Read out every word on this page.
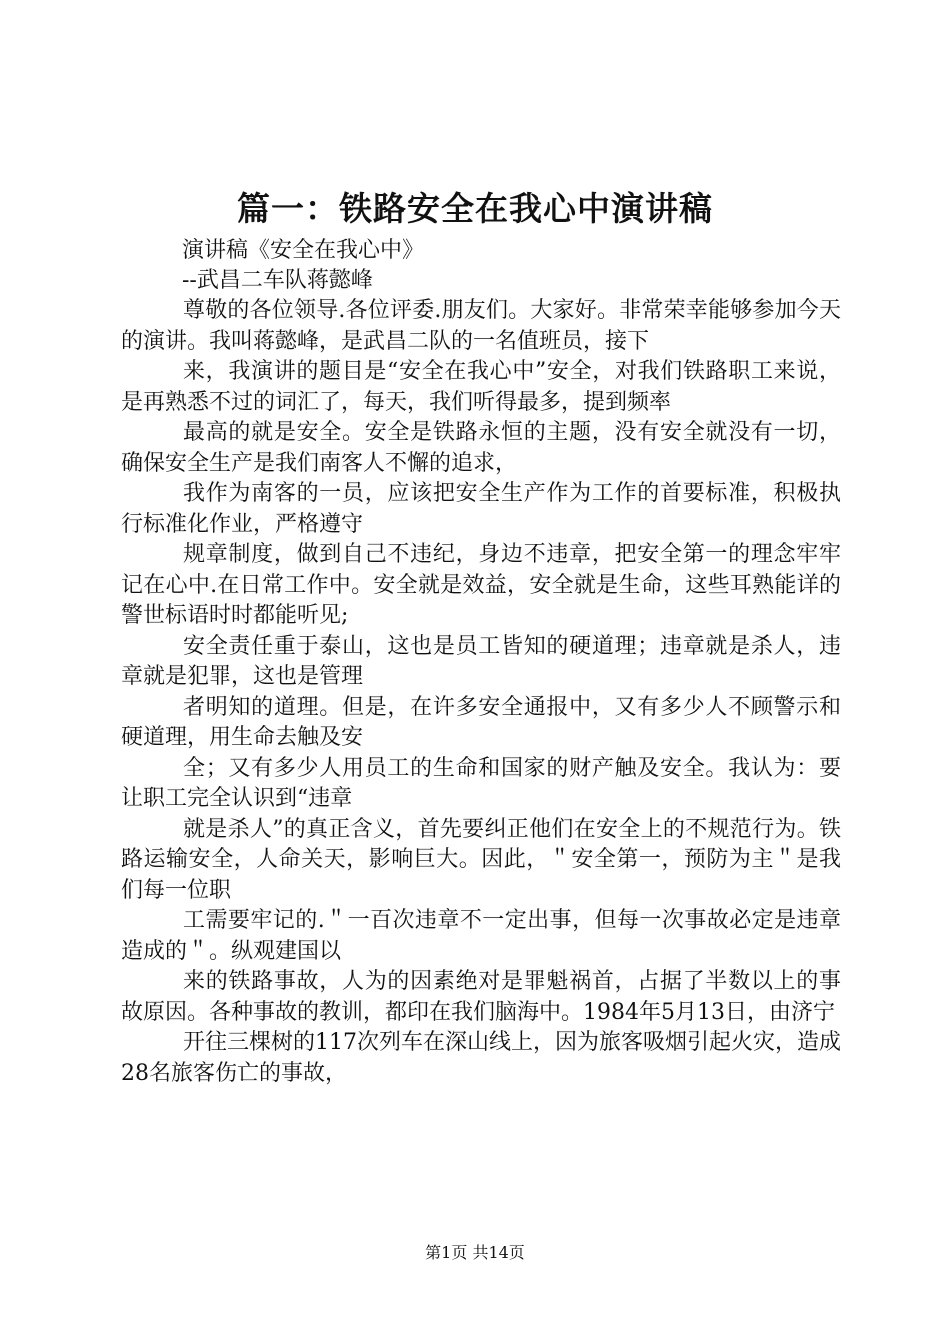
篇一：铁路安全在我心中演讲稿

演讲稿《安全在我心中》

--武昌二车队蒋懿峰

尊敬的各位领导.各位评委.朋友们。大家好。非常荣幸能够参加今天的演讲。我叫蒋懿峰，是武昌二队的一名值班员，接下

来，我演讲的题目是“安全在我心中”安全，对我们铁路职工来说，是再熟悉不过的词汇了，每天，我们听得最多，提到频率

最高的就是安全。安全是铁路永恒的主题，没有安全就没有一切，确保安全生产是我们南客人不懈的追求，

我作为南客的一员，应该把安全生产作为工作的首要标准，积极执行标准化作业，严格遵守

规章制度，做到自己不违纪，身边不违章，把安全第一的理念牢牢记在心中.在日常工作中。安全就是效益，安全就是生命，这些耳熟能详的警世标语时时都能听见;

安全责任重于泰山，这也是员工皆知的硬道理；违章就是杀人，违章就是犯罪，这也是管理

者明知的道理。但是，在许多安全通报中，又有多少人不顾警示和硬道理，用生命去触及安

全；又有多少人用员工的生命和国家的财产触及安全。我认为：要让职工完全认识到“违章

就是杀人”的真正含义，首先要纠正他们在安全上的不规范行为。铁路运输安全，人命关天，影响巨大。因此，＂安全第一，预防为主＂是我们每一位职

工需要牢记的.＂一百次违章不一定出事，但每一次事故必定是违章造成的＂。纵观建国以

来的铁路事故，人为的因素绝对是罪魁祸首，占据了半数以上的事故原因。各种事故的教训，都印在我们脑海中。1984年5月13日，由济宁

开往三棵树的117次列车在深山线上，因为旅客吸烟引起火灾，造成28名旅客伤亡的事故，

第1页 共14页
